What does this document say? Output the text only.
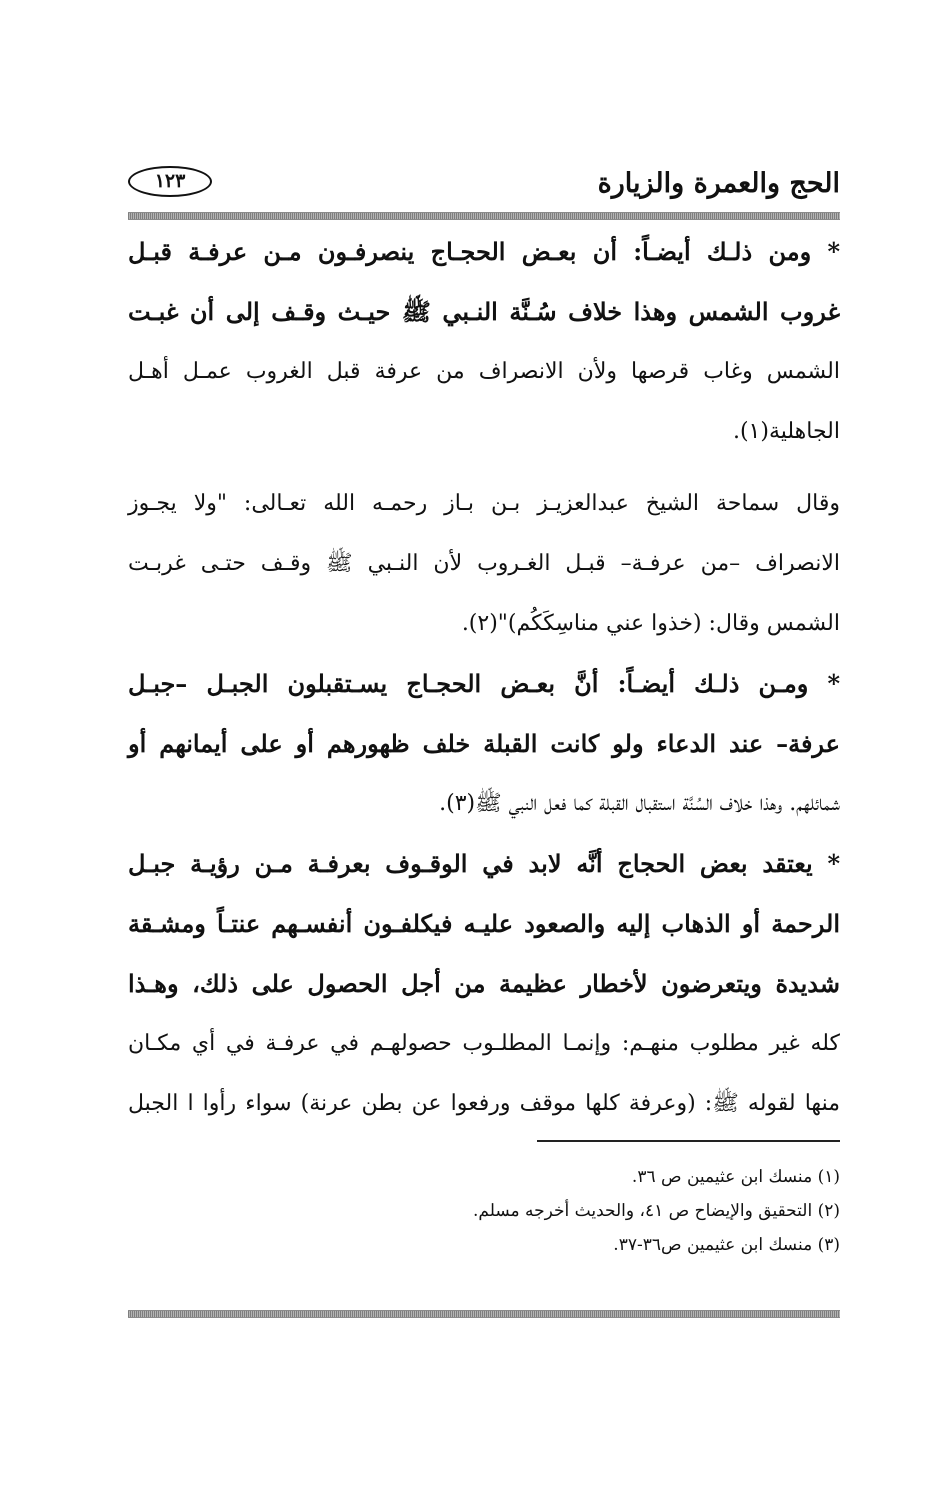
الحج والعمرة والزيارة
١٢٣
* ومن ذلـك أيضـاً: أن بعـض الحجـاج ينصرفـون مـن عرفـة قبـل
غروب الشمس وهذا خلاف سُـنَّة النـبي ﷺ حيـث وقـف إلى أن غبـت
الشمس وغاب قرصها ولأن الانصراف من عرفة قبل الغروب عمـل أهـل
الجاهلية(١).
وقال سماحة الشيخ عبدالعزيـز بـن بـاز رحمـه الله تعـالى: "ولا يجـوز
الانصراف –من عرفـة– قبـل الغـروب لأن النـبي ﷺ وقـف حتـى غربـت
الشمس وقال: (خذوا عني مناسِكَكُم)"(٢).
* ومـن ذلـك أيضـاً: أنَّ بعـض الحجـاج يسـتقبلون الجبـل –جبـل
عرفة– عند الدعاء ولو كانت القبلة خلف ظهورهم أو على أيمانهم أو
شمائلهم. وهذا خلاف السُنَّة استقبال القبلة كما فعل النبي ﷺ(٣).
* يعتقد بعض الحجاج أنَّه لابد في الوقـوف بعرفـة مـن رؤيـة جبـل
الرحمة أو الذهاب إليه والصعود عليـه فيكلفـون أنفسـهم عنتـاً ومشـقة
شديدة ويتعرضون لأخطار عظيمة من أجل الحصول على ذلك، وهـذا
كله غير مطلوب منهـم: وإنمـا المطلـوب حصولهـم في عرفـة في أي مكـان
منها لقوله ﷺ: (وعرفة كلها موقف ورفعوا عن بطن عرنة) سواء رأوا ا الجبل
(١) منسك ابن عثيمين ص ٣٦.
(٢) التحقيق والإيضاح ص ٤١، والحديث أخرجه مسلم.
(٣) منسك ابن عثيمين ص٣٦-٣٧.
